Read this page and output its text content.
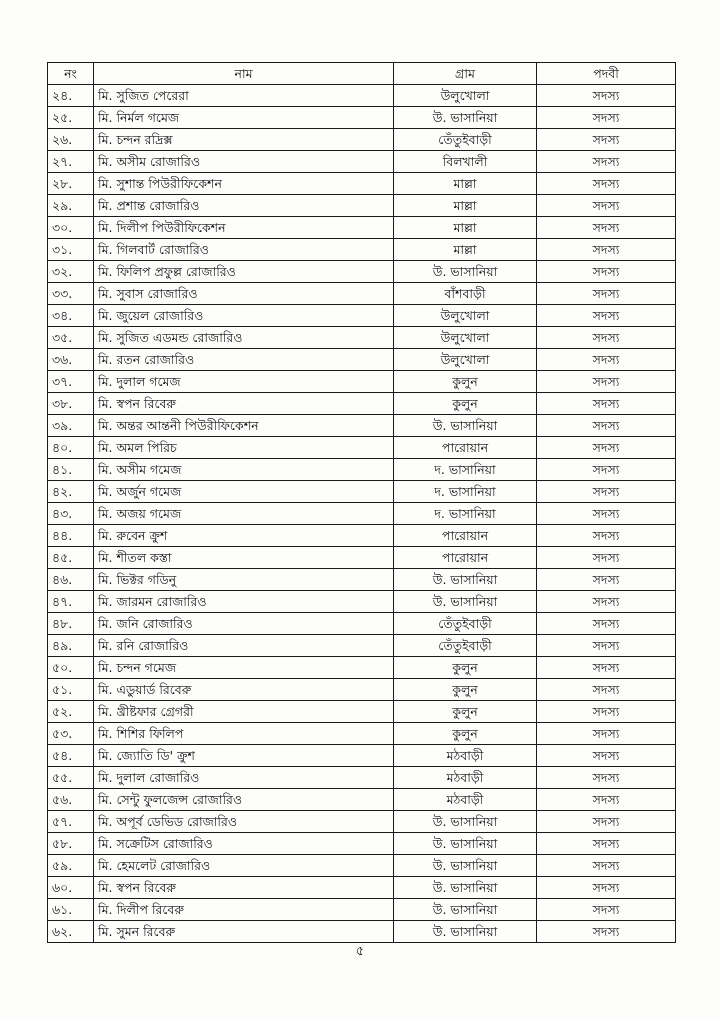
নং	নাম	গ্রাম	পদবী
২৪.	মি. সুজিত পেরেরা	উলুখোলা	সদস্য
২৫.	মি. নির্মল গমেজ	উ. ভাসানিয়া	সদস্য
২৬.	মি. চন্দন রদ্রিক্স	তেঁতুইবাড়ী	সদস্য
২৭.	মি. অসীম রোজারিও	বিলখালী	সদস্য
২৮.	মি. সুশান্ত পিউরীফিকেশন	মাল্লা	সদস্য
২৯.	মি. প্রশান্ত রোজারিও	মাল্লা	সদস্য
৩০.	মি. দিলীপ পিউরীফিকেশন	মাল্লা	সদস্য
৩১.	মি. গিলবার্ট রোজারিও	মাল্লা	সদস্য
৩২.	মি. ফিলিপ প্রফুল্ল রোজারিও	উ. ভাসানিয়া	সদস্য
৩৩.	মি. সুবাস রোজারিও	বাঁশবাড়ী	সদস্য
৩৪.	মি. জুয়েল রোজারিও	উলুখোলা	সদস্য
৩৫.	মি. সুজিত এডমন্ড রোজারিও	উলুখোলা	সদস্য
৩৬.	মি. রতন রোজারিও	উলুখোলা	সদস্য
৩৭.	মি. দুলাল গমেজ	কুলুন	সদস্য
৩৮.	মি. স্বপন রিবেরু	কুলুন	সদস্য
৩৯.	মি. অন্তর আন্তনী পিউরীফিকেশন	উ. ভাসানিয়া	সদস্য
৪০.	মি. অমল পিরিচ	পারোয়ান	সদস্য
৪১.	মি. অসীম গমেজ	দ. ভাসানিয়া	সদস্য
৪২.	মি. অর্জুন গমেজ	দ. ভাসানিয়া	সদস্য
৪৩.	মি. অজয় গমেজ	দ. ভাসানিয়া	সদস্য
৪৪.	মি. রুবেন ক্রুশ	পারোয়ান	সদস্য
৪৫.	মি. শীতল কস্তা	পারোয়ান	সদস্য
৪৬.	মি. ভিক্টর গডিনু	উ. ভাসানিয়া	সদস্য
৪৭.	মি. জারমন রোজারিও	উ. ভাসানিয়া	সদস্য
৪৮.	মি. জনি রোজারিও	তেঁতুইবাড়ী	সদস্য
৪৯.	মি. রনি রোজারিও	তেঁতুইবাড়ী	সদস্য
৫০.	মি. চন্দন গমেজ	কুলুন	সদস্য
৫১.	মি. এডুয়ার্ড রিবেরু	কুলুন	সদস্য
৫২.	মি. খ্রীষ্টফার গ্রেগরী	কুলুন	সদস্য
৫৩.	মি. শিশির ফিলিপ	কুলুন	সদস্য
৫৪.	মি. জ্যোতি ডি' ক্রুশ	মঠবাড়ী	সদস্য
৫৫.	মি. দুলাল রোজারিও	মঠবাড়ী	সদস্য
৫৬.	মি. সেন্টু ফুলজেন্স রোজারিও	মঠবাড়ী	সদস্য
৫৭.	মি. অপূর্ব ডেভিড রোজারিও	উ. ভাসানিয়া	সদস্য
৫৮.	মি. সক্রেটিস রোজারিও	উ. ভাসানিয়া	সদস্য
৫৯.	মি. হেমলেট রোজারিও	উ. ভাসানিয়া	সদস্য
৬০.	মি. স্বপন রিবেরু	উ. ভাসানিয়া	সদস্য
৬১.	মি. দিলীপ রিবেরু	উ. ভাসানিয়া	সদস্য
৬২.	মি. সুমন রিবেরু	উ. ভাসানিয়া	সদস্য
৫
